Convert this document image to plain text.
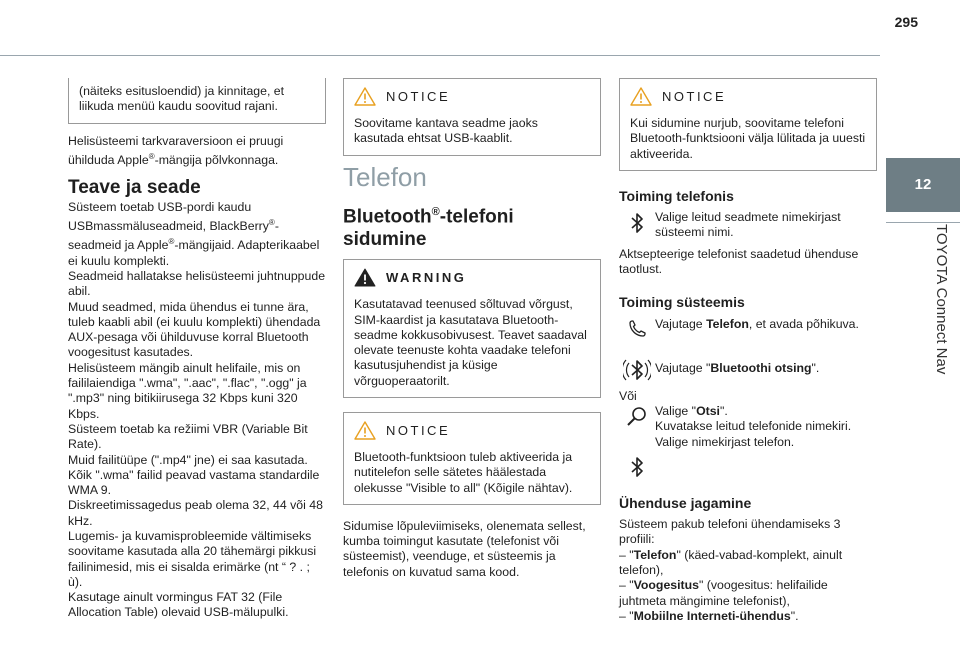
295
12
TOYOTA Connect Nav

(näiteks esitusloendid) ja kinnitage, et liikuda menüü kaudu soovitud rajani.

Helisüsteemi tarkvaraversioon ei pruugi ühilduda Apple®-mängija põlvkonnaga.

Teave ja seade

Süsteem toetab USB-pordi kaudu USBmassmäluseadmeid, BlackBerry®-seadmeid ja Apple®-mängijaid. Adapterikaabel ei kuulu komplekti.

Seadmeid hallatakse helisüsteemi juhtnuppude abil.

Muud seadmed, mida ühendus ei tunne ära, tuleb kaabli abil (ei kuulu komplekti) ühendada AUX-pesaga või ühilduvuse korral Bluetooth voogesitust kasutades.

Helisüsteem mängib ainult helifaile, mis on faililaiendiga ".wma", ".aac", ".flac", ".ogg" ja ".mp3" ning bitikiirusega 32 Kbps kuni 320 Kbps.

Süsteem toetab ka režiimi VBR (Variable Bit Rate).

Muid failitüüpe (".mp4" jne) ei saa kasutada.

Kõik ".wma" failid peavad vastama standardile WMA 9.

Diskreetimissagedus peab olema 32, 44 või 48 kHz.

Lugemis- ja kuvamisprobleemide vältimiseks soovitame kasutada alla 20 tähemärgi pikkusi failinimesid, mis ei sisalda erimärke (nt “ ? . ; ù).

Kasutage ainult vormingus FAT 32 (File Allocation Table) olevaid USB-mälupulki.

NOTICE

Soovitame kantava seadme jaoks kasutada ehtsat USB-kaablit.

Telefon
Bluetooth®-telefoni sidumine
WARNING

Kasutatavad teenused sõltuvad võrgust, SIM-kaardist ja kasutatava Bluetooth-seadme kokkusobivusest. Teavet saadaval olevate teenuste kohta vaadake telefoni kasutusjuhendist ja küsige võrguoperaatorilt.

NOTICE

Bluetooth-funktsioon tuleb aktiveerida ja nutitelefon selle sätetes häälestada olekusse "Visible to all" (Kõigile nähtav).

Sidumise lõpuleviimiseks, olenemata sellest, kumba toimingut kasutate (telefonist või süsteemist), veenduge, et süsteemis ja telefonis on kuvatud sama kood.

NOTICE

Kui sidumine nurjub, soovitame telefoni Bluetooth-funktsiooni välja lülitada ja uuesti aktiveerida.

Toiming telefonis
Valige leitud seadmete nimekirjast süsteemi nimi.

Aktsepteerige telefonist saadetud ühenduse taotlust.

Toiming süsteemis
Vajutage Telefon, et avada põhikuva.
Vajutage "Bluetoothi otsing".

Või

Valige "Otsi".
Kuvatakse leitud telefonide nimekiri.
Valige nimekirjast telefon.
Ühenduse jagamine

Süsteem pakub telefoni ühendamiseks 3 profiili:

– "Telefon" (käed-vabad-komplekt, ainult telefon),

– "Voogesitus" (voogesitus: helifailide juhtmeta mängimine telefonist),

– "Mobiilne Interneti-ühendus".
